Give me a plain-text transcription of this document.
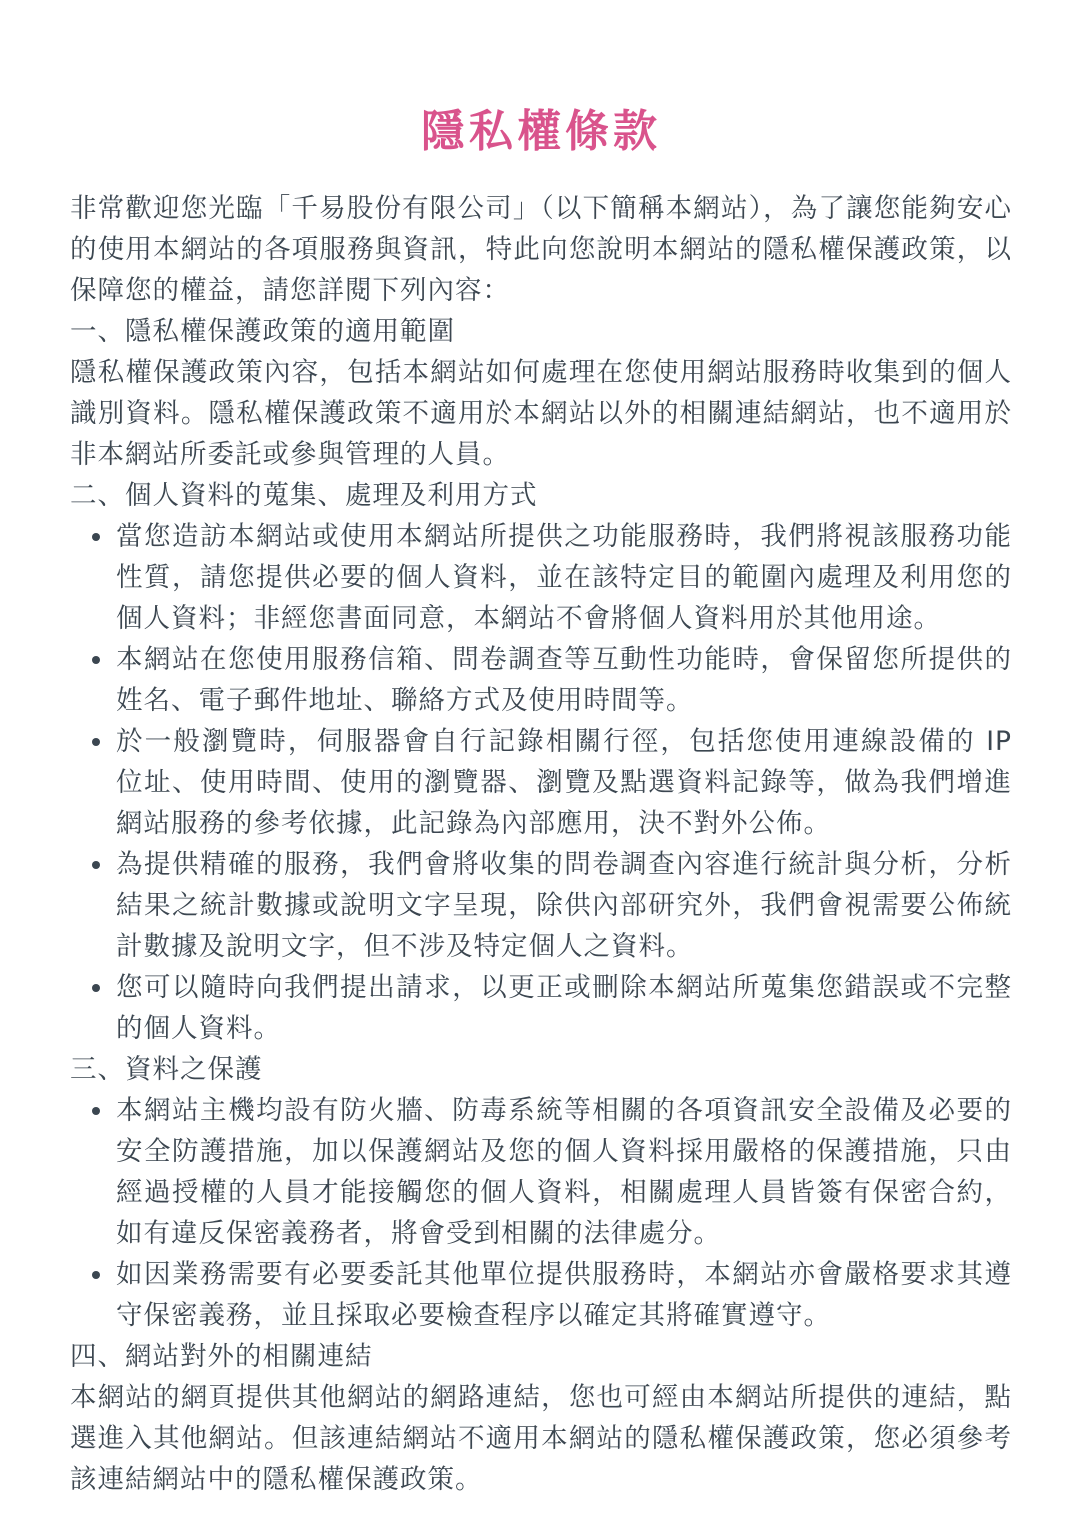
隱私權條款

非常歡迎您光臨「千易股份有限公司」（以下簡稱本網站），為了讓您能夠安心的使用本網站的各項服務與資訊，特此向您說明本網站的隱私權保護政策，以保障您的權益，請您詳閱下列內容：

一、隱私權保護政策的適用範圍

隱私權保護政策內容，包括本網站如何處理在您使用網站服務時收集到的個人識別資料。隱私權保護政策不適用於本網站以外的相關連結網站，也不適用於非本網站所委託或參與管理的人員。

二、個人資料的蒐集、處理及利用方式

當您造訪本網站或使用本網站所提供之功能服務時，我們將視該服務功能性質，請您提供必要的個人資料，並在該特定目的範圍內處理及利用您的個人資料；非經您書面同意，本網站不會將個人資料用於其他用途。
本網站在您使用服務信箱、問卷調查等互動性功能時，會保留您所提供的姓名、電子郵件地址、聯絡方式及使用時間等。
於一般瀏覽時，伺服器會自行記錄相關行徑，包括您使用連線設備的 IP 位址、使用時間、使用的瀏覽器、瀏覽及點選資料記錄等，做為我們增進網站服務的參考依據，此記錄為內部應用，決不對外公佈。
為提供精確的服務，我們會將收集的問卷調查內容進行統計與分析，分析結果之統計數據或說明文字呈現，除供內部研究外，我們會視需要公佈統計數據及說明文字，但不涉及特定個人之資料。
您可以隨時向我們提出請求，以更正或刪除本網站所蒐集您錯誤或不完整的個人資料。

三、資料之保護

本網站主機均設有防火牆、防毒系統等相關的各項資訊安全設備及必要的安全防護措施，加以保護網站及您的個人資料採用嚴格的保護措施，只由經過授權的人員才能接觸您的個人資料，相關處理人員皆簽有保密合約，如有違反保密義務者，將會受到相關的法律處分。
如因業務需要有必要委託其他單位提供服務時，本網站亦會嚴格要求其遵守保密義務，並且採取必要檢查程序以確定其將確實遵守。

四、網站對外的相關連結

本網站的網頁提供其他網站的網路連結，您也可經由本網站所提供的連結，點選進入其他網站。但該連結網站不適用本網站的隱私權保護政策，您必須參考該連結網站中的隱私權保護政策。
